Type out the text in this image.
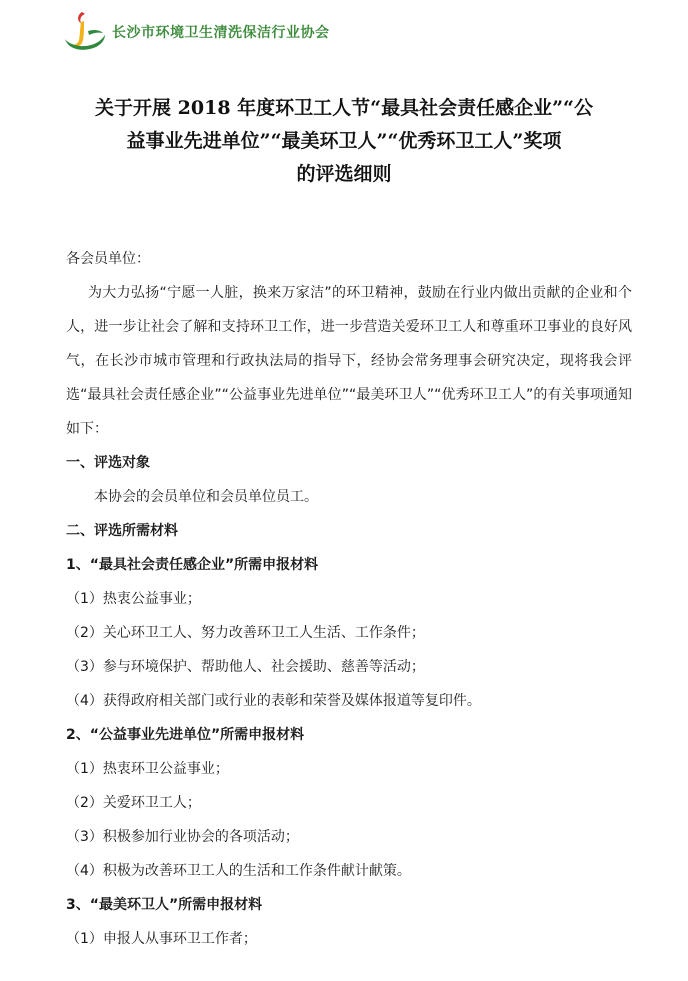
长沙市环境卫生清洗保洁行业协会
关于开展 2018 年度环卫工人节“最具社会责任感企业”“公
益事业先进单位”“最美环卫人”“优秀环卫工人”奖项
的评选细则

各会员单位：

为大力弘扬“宁愿一人脏，换来万家洁”的环卫精神，鼓励在行业内做出贡献的企业和个人，进一步让社会了解和支持环卫工作，进一步营造关爱环卫工人和尊重环卫事业的良好风气，在长沙市城市管理和行政执法局的指导下，经协会常务理事会研究决定，现将我会评选“最具社会责任感企业”“公益事业先进单位”“最美环卫人”“优秀环卫工人”的有关事项通知如下：

一、评选对象

本协会的会员单位和会员单位员工。

二、评选所需材料

1、“最具社会责任感企业”所需申报材料

（1）热衷公益事业；

（2）关心环卫工人、努力改善环卫工人生活、工作条件；

（3）参与环境保护、帮助他人、社会援助、慈善等活动；

（4）获得政府相关部门或行业的表彰和荣誉及媒体报道等复印件。

2、“公益事业先进单位”所需申报材料

（1）热衷环卫公益事业；

（2）关爱环卫工人；

（3）积极参加行业协会的各项活动；

（4）积极为改善环卫工人的生活和工作条件献计献策。

3、“最美环卫人”所需申报材料

（1）申报人从事环卫工作者；
